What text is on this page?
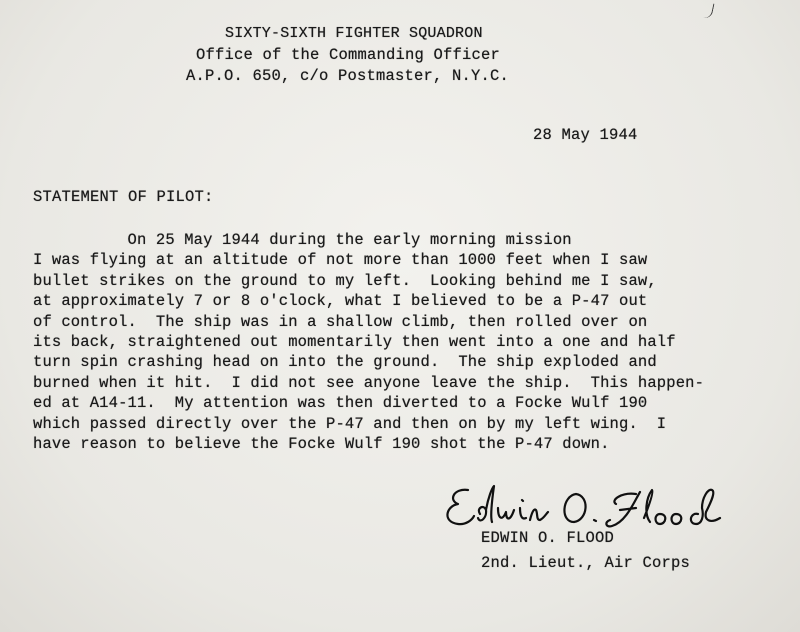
SIXTY-SIXTH FIGHTER SQUADRON
Office of the Commanding Officer
A.P.O. 650, c/o Postmaster, N.Y.C.
28 May 1944
STATEMENT OF PILOT:
On 25 May 1944 during the early morning mission
I was flying at an altitude of not more than 1000 feet when I saw
bullet strikes on the ground to my left.  Looking behind me I saw,
at approximately 7 or 8 o'clock, what I believed to be a P-47 out
of control.  The ship was in a shallow climb, then rolled over on
its back, straightened out momentarily then went into a one and half
turn spin crashing head on into the ground.  The ship exploded and
burned when it hit.  I did not see anyone leave the ship.  This happen-
ed at A14-11.  My attention was then diverted to a Focke Wulf 190
which passed directly over the P-47 and then on by my left wing.  I
have reason to believe the Focke Wulf 190 shot the P-47 down.
EDWIN O. FLOOD
2nd. Lieut., Air Corps
